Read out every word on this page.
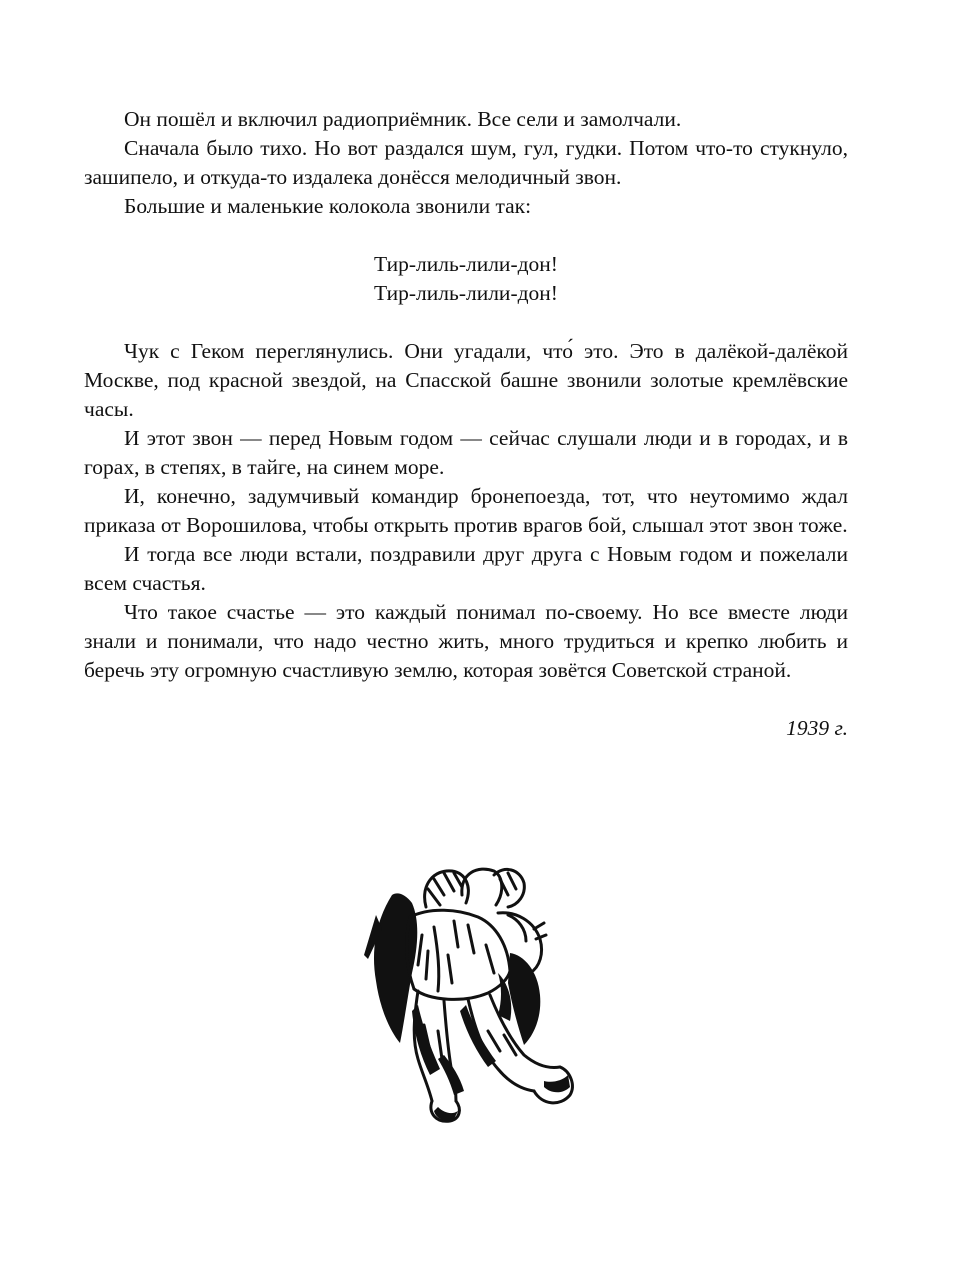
Он пошёл и включил радиоприёмник. Все сели и замолчали.

Сначала было тихо. Но вот раздался шум, гул, гудки. Потом что-то стукнуло, зашипело, и откуда-то издалека донёсся мелодичный звон.

Большие и маленькие колокола звонили так:

Тир-лиль-лили-дон!
Тир-лиль-лили-дон!

Чук с Геком переглянулись. Они угадали, что́ это. Это в далёкой-далёкой Москве, под красной звездой, на Спасской башне звонили золотые кремлёвские часы.

И этот звон — перед Новым годом — сейчас слушали люди и в городах, и в горах, в степях, в тайге, на синем море.

И, конечно, задумчивый командир бронепоезда, тот, что неутомимо ждал приказа от Ворошилова, чтобы открыть против врагов бой, слышал этот звон тоже.

И тогда все люди встали, поздравили друг друга с Новым годом и пожелали всем счастья.

Что такое счастье — это каждый понимал по-своему. Но все вместе люди знали и понимали, что надо честно жить, много трудиться и крепко любить и беречь эту огромную счастливую землю, которая зовётся Советской страной.

1939 г.
